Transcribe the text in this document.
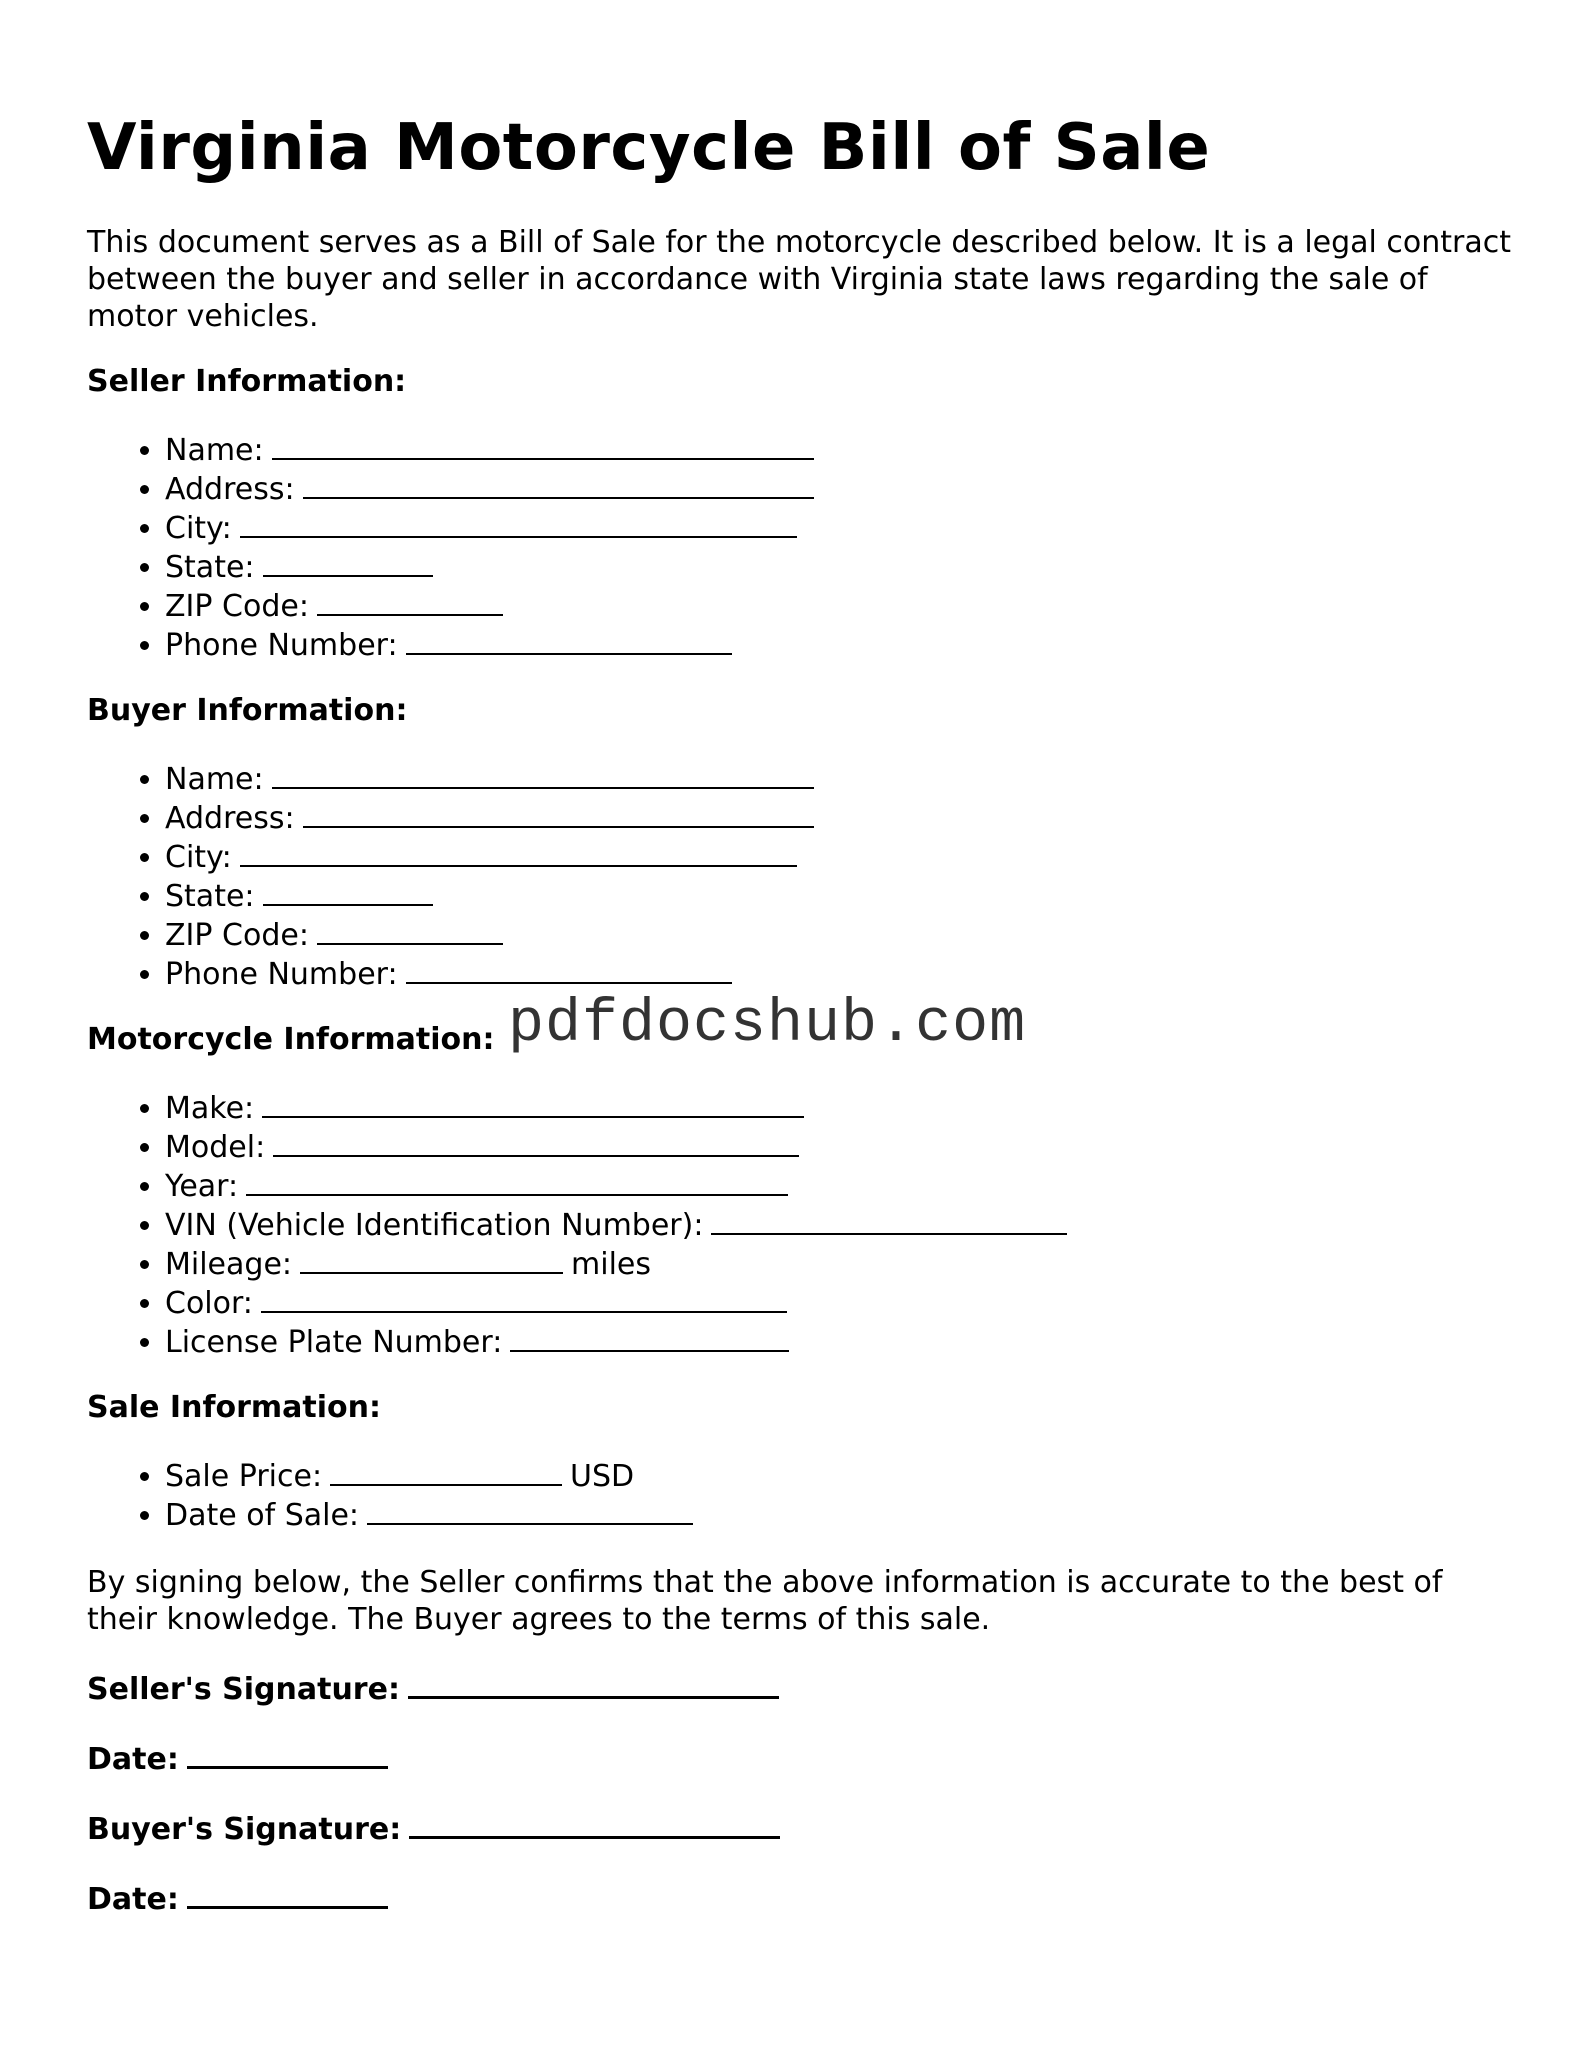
Virginia Motorcycle Bill of Sale

This document serves as a Bill of Sale for the motorcycle described below. It is a legal contract between the buyer and seller in accordance with Virginia state laws regarding the sale of motor vehicles.

Seller Information:
• Name:
• Address:
• City:
• State:
• ZIP Code:
• Phone Number:
Buyer Information:
• Name:
• Address:
• City:
• State:
• ZIP Code:
• Phone Number:
Motorcycle Information:
• Make:
• Model:
• Year:
• VIN (Vehicle Identification Number):
• Mileage:	miles
• Color:
• License Plate Number:
Sale Information:
• Sale Price:	USD
• Date of Sale:

By signing below, the Seller confirms that the above information is accurate to the best of their knowledge. The Buyer agrees to the terms of this sale.

Seller's Signature:
Date:
Buyer's Signature:
Date:
pdfdocshub.com
